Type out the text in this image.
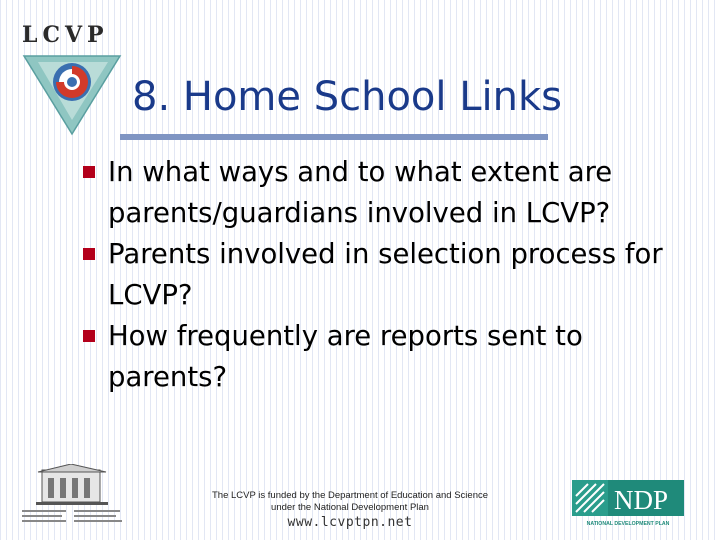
LCVP
8. Home School Links
In what ways and to what extent are parents/guardians involved in LCVP?
Parents involved in selection process for LCVP?
How frequently are reports sent to parents?
The LCVP is funded by the Department of Education and Science
under the National Development Plan
www.lcvptpn.net
NDP
NATIONAL DEVELOPMENT PLAN
